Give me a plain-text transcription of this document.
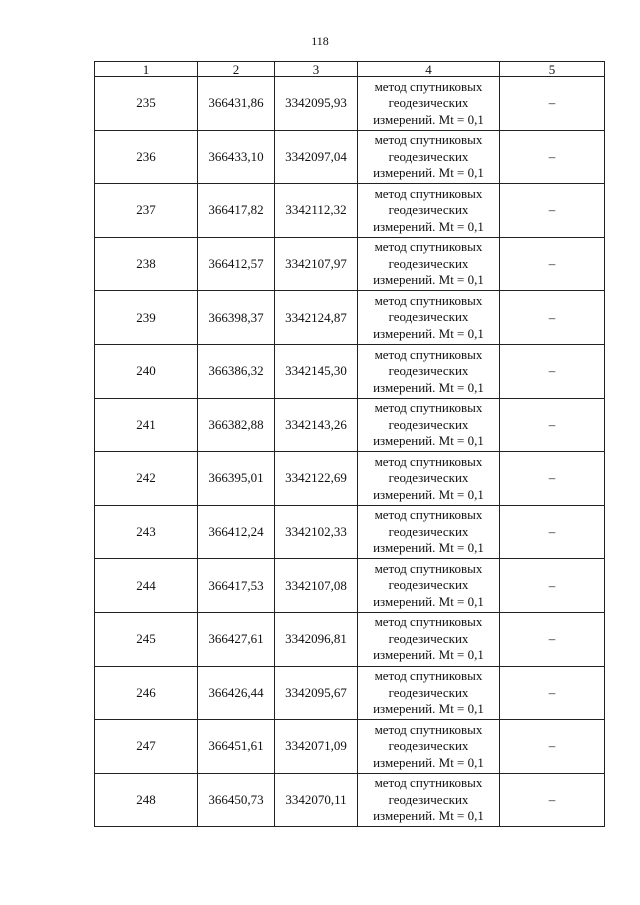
118
1	2	3	4	5
235	366431,86	3342095,93	метод спутниковых
геодезических
измерений. Mt = 0,1	–
236	366433,10	3342097,04	метод спутниковых
геодезических
измерений. Mt = 0,1	–
237	366417,82	3342112,32	метод спутниковых
геодезических
измерений. Mt = 0,1	–
238	366412,57	3342107,97	метод спутниковых
геодезических
измерений. Mt = 0,1	–
239	366398,37	3342124,87	метод спутниковых
геодезических
измерений. Mt = 0,1	–
240	366386,32	3342145,30	метод спутниковых
геодезических
измерений. Mt = 0,1	–
241	366382,88	3342143,26	метод спутниковых
геодезических
измерений. Mt = 0,1	–
242	366395,01	3342122,69	метод спутниковых
геодезических
измерений. Mt = 0,1	–
243	366412,24	3342102,33	метод спутниковых
геодезических
измерений. Mt = 0,1	–
244	366417,53	3342107,08	метод спутниковых
геодезических
измерений. Mt = 0,1	–
245	366427,61	3342096,81	метод спутниковых
геодезических
измерений. Mt = 0,1	–
246	366426,44	3342095,67	метод спутниковых
геодезических
измерений. Mt = 0,1	–
247	366451,61	3342071,09	метод спутниковых
геодезических
измерений. Mt = 0,1	–
248	366450,73	3342070,11	метод спутниковых
геодезических
измерений. Mt = 0,1	–
